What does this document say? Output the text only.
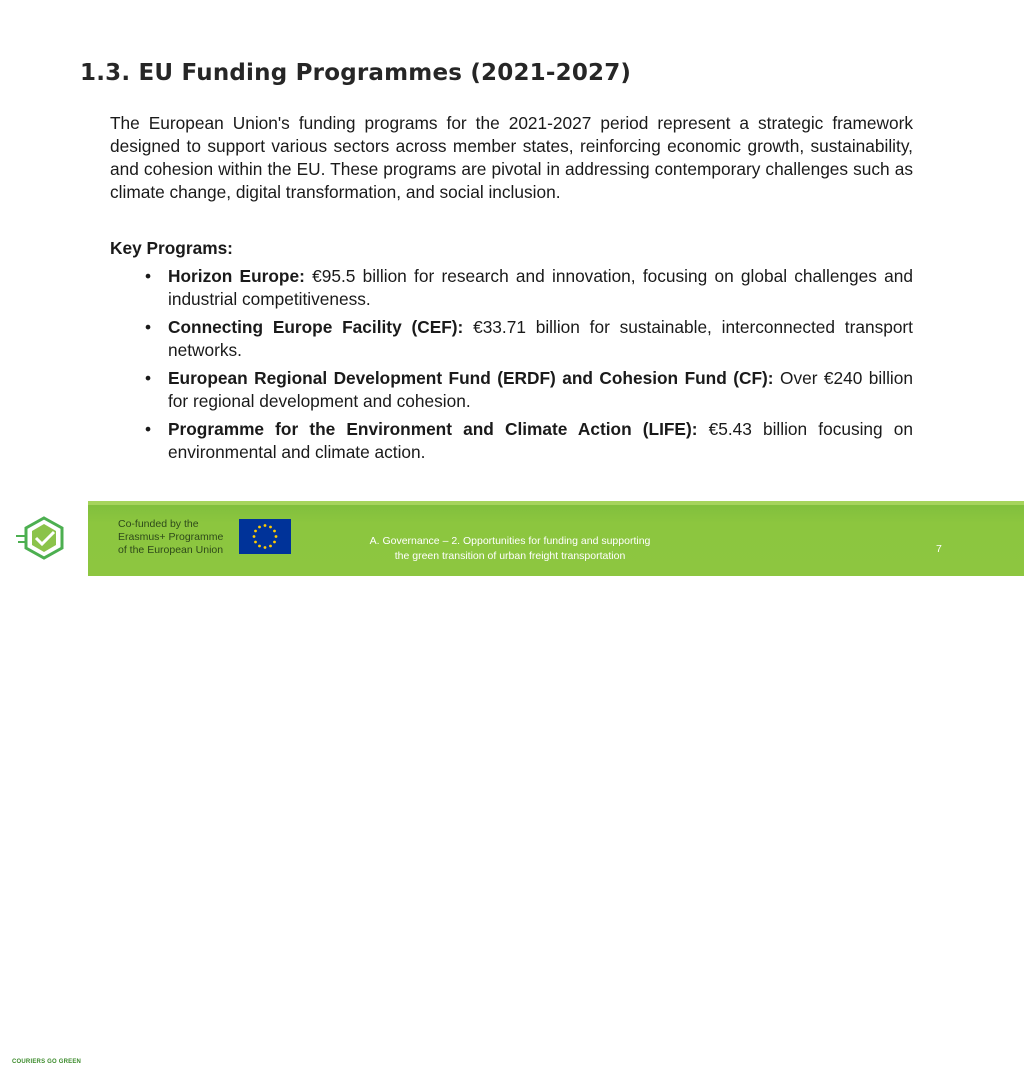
1.3. EU Funding Programmes (2021-2027)
The European Union's funding programs for the 2021-2027 period represent a strategic framework designed to support various sectors across member states, reinforcing economic growth, sustainability, and cohesion within the EU. These programs are pivotal in addressing contemporary challenges such as climate change, digital transformation, and social inclusion.
Key Programs:
• Horizon Europe: €95.5 billion for research and innovation, focusing on global challenges and industrial competitiveness.
• Connecting Europe Facility (CEF): €33.71 billion for sustainable, interconnected transport networks.
• European Regional Development Fund (ERDF) and Cohesion Fund (CF): Over €240 billion for regional development and cohesion.
• Programme for the Environment and Climate Action (LIFE): €5.43 billion focusing on environmental and climate action.
COURIERS GO GREEN
Co-funded by the
Erasmus+ Programme
of the European Union
A. Governance – 2. Opportunities for funding and supporting
the green transition of urban freight transportation
7
